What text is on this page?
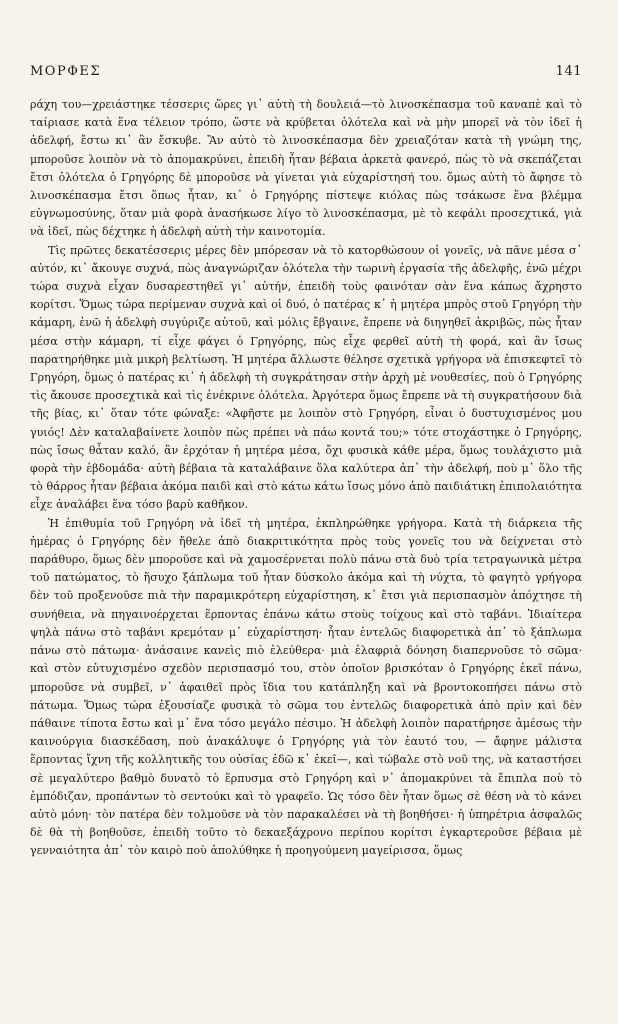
ΜΟΡΦΕΣ	141

ράχη του—χρειάστηκε τέσσερις ὥρες γι᾽ αὐτὴ τὴ δουλειά—τὸ λινοσκέπασμα τοῦ καναπὲ καὶ τὸ ταίριασε κατὰ ἕνα τέλειον τρόπο, ὥστε νὰ κρύβεται ὁλότελα καὶ νὰ μὴν μπορεῖ νὰ τὸν ἰδεῖ ἡ ἀδελφή, ἔστω κι᾽ ἂν ἔσκυβε. Ἂν αὐτὸ τὸ λινοσκέπασμα δὲν χρειαζόταν κατὰ τὴ γνώμη της, μποροῦσε λοιπὸν νὰ τὸ ἀπομακρύνει, ἐπειδὴ ἦταν βέβαια ἀρκετὰ φανερό, πὼς τὸ νὰ σκεπάζεται ἔτσι ὁλότελα ὁ Γρηγόρης δὲ μποροῦσε νὰ γίνεται γιὰ εὐχαρίστησή του. ὅμως αὐτὴ τὸ ἄφησε τὸ λινοσκέπασμα ἔτσι ὅπως ἦταν, κι᾽ ὁ Γρηγόρης πίστεψε κιόλας πὼς τσάκωσε ἕνα βλέμμα εὐγνωμοσύνης, ὅταν μιὰ φορὰ ἀνασήκωσε λίγο τὸ λινοσκέπασμα, μὲ τὸ κεφάλι προσεχτικά, γιὰ νὰ ἰδεῖ, πὼς δέχτηκε ἡ ἀδελφὴ αὐτὴ τὴν καινοτομία.

Τὶς πρῶτες δεκατέσσερις μέρες δὲν μπόρεσαν νὰ τὸ κατορθώσουν οἱ γονεῖς, νὰ πᾶνε μέσα σ᾽ αὐτόν, κι᾽ ἄκουγε συχνά, πὼς ἀναγνώριζαν ὁλότελα τὴν τωρινὴ ἐργασία τῆς ἀδελφῆς, ἐνῶ μέχρι τώρα συχνὰ εἶχαν δυσαρεστηθεῖ γι᾽ αὐτήν, ἐπειδὴ τοὺς φαινόταν σὰν ἕνα κάπως ἄχρηστο κορίτσι. Ὅμως τώρα περίμεναν συχνὰ καὶ οἱ δυό, ὁ πατέρας κ᾽ ἡ μητέρα μπρὸς στοῦ Γρηγόρη τὴν κάμαρη, ἐνῶ ἡ ἀδελφὴ συγύριζε αὐτοῦ, καὶ μόλις ἔβγαινε, ἔπρεπε νὰ διηγηθεῖ ἀκριβῶς, πὼς ἦταν μέσα στὴν κάμαρη, τί εἶχε φάγει ὁ Γρηγόρης, πὼς εἶχε φερθεῖ αὐτὴ τὴ φορά, καὶ ἂν ἴσως παρατηρήθηκε μιὰ μικρὴ βελτίωση. Ἡ μητέρα ἄλλωστε θέλησε σχετικὰ γρήγορα νὰ ἐπισκεφτεῖ τὸ Γρηγόρη, ὅμως ὁ πατέρας κι᾽ ἡ ἀδελφὴ τὴ συγκράτησαν στὴν ἀρχὴ μὲ νουθεσίες, ποὺ ὁ Γρηγόρης τὶς ἄκουσε προσεχτικὰ καὶ τὶς ἐνέκρινε ὁλότελα. Ἀργότερα ὅμως ἔπρεπε νὰ τὴ συγκρατήσουν διὰ τῆς βίας, κι᾽ ὅταν τότε φώναξε: «Ἀφῆστε με λοιπὸν στὸ Γρηγόρη, εἶναι ὁ δυστυχισμένος μου γυιός! Δὲν καταλαβαίνετε λοιπὸν πὼς πρέπει νὰ πάω κοντά του;» τότε στοχάστηκε ὁ Γρηγόρης, πὼς ἴσως θἆταν καλό, ἂν ἐρχόταν ἡ μητέρα μέσα, ὄχι φυσικὰ κάθε μέρα, ὅμως τουλάχιστο μιὰ φορὰ τὴν ἑβδομάδα· αὐτὴ βέβαια τὰ καταλάβαινε ὅλα καλύτερα ἀπ᾽ τὴν ἀδελφή, ποὺ μ᾽ ὅλο τῆς τὸ θάρρος ἦταν βέβαια ἀκόμα παιδὶ καὶ στὸ κάτω κάτω ἴσως μόνο ἀπὸ παιδιάτικη ἐπιπολαιότητα εἶχε ἀναλάβει ἕνα τόσο βαρὺ καθῆκον.

Ἡ ἐπιθυμία τοῦ Γρηγόρη νὰ ἰδεῖ τὴ μητέρα, ἐκπληρώθηκε γρήγορα. Κατὰ τὴ διάρκεια τῆς ἡμέρας ὁ Γρηγόρης δὲν ἤθελε ἀπὸ διακριτικότητα πρὸς τοὺς γονεῖς του νὰ δείχνεται στὸ παράθυρο, ὅμως δὲν μποροῦσε καὶ νὰ χαμοσέρνεται πολὺ πάνω στὰ δυὸ τρία τετραγωνικὰ μέτρα τοῦ πατώματος, τὸ ἥσυχο ξάπλωμα τοῦ ἦταν δύσκολο ἀκόμα καὶ τὴ νύχτα, τὸ φαγητὸ γρήγορα δὲν τοῦ προξενοῦσε πιὰ τὴν παραμικρότερη εὐχαρίστηση, κ᾽ ἔτσι γιὰ περισπασμὸν ἀπόχτησε τὴ συνήθεια, νὰ πηγαινοέρχεται ἕρποντας ἐπάνω κάτω στοὺς τοίχους καὶ στὸ ταβάνι. Ἰδιαίτερα ψηλὰ πάνω στὸ ταβάνι κρεμόταν μ᾽ εὐχαρίστηση· ἦταν ἐντελῶς διαφορετικὰ ἀπ᾽ τὸ ξάπλωμα πάνω στὸ πάτωμα· ἀνάσαινε κανεὶς πιὸ ἐλεύθερα· μιὰ ἐλαφριὰ δόνηση διαπερνοῦσε τὸ σῶμα· καὶ στὸν εὐτυχισμένο σχεδὸν περισπασμό του, στὸν ὁποῖον βρισκόταν ὁ Γρηγόρης ἐκεῖ πάνω, μποροῦσε νὰ συμβεῖ, ν᾽ ἀφαιθεῖ πρὸς ἴδια του κατάπληξη καὶ νὰ βροντοκοπήσει πάνω στὸ πάτωμα. Ὅμως τώρα ἐξουσίαζε φυσικὰ τὸ σῶμα του ἐντελῶς διαφορετικὰ ἀπὸ πρὶν καὶ δὲν πάθαινε τίποτα ἔστω καὶ μ᾽ ἕνα τόσο μεγάλο πέσιμο. Ἡ ἀδελφὴ λοιπὸν παρατήρησε ἀμέσως τὴν καινούργια διασκέδαση, ποὺ ἀνακάλυψε ὁ Γρηγόρης γιὰ τὸν ἑαυτό του, — ἄφηνε μάλιστα ἕρποντας ἴχνη τῆς κολλητικῆς του οὐσίας ἐδῶ κ᾽ ἐκεῖ—, καὶ τώβαλε στὸ νοῦ της, νὰ καταστήσει σὲ μεγαλύτερο βαθμὸ δυνατὸ τὸ ἕρπυσμα στὸ Γρηγόρη καὶ ν᾽ ἀπομακρύνει τὰ ἔπιπλα ποὺ τὸ ἐμπόδιζαν, προπάντων τὸ σεντούκι καὶ τὸ γραφεῖο. Ὡς τόσο δὲν ἦταν ὅμως σὲ θέση νὰ τὸ κάνει αὐτὸ μόνη· τὸν πατέρα δὲν τολμοῦσε νὰ τὸν παρακαλέσει νὰ τὴ βοηθήσει· ἡ ὑπηρέτρια ἀσφαλῶς δὲ θὰ τὴ βοηθοῦσε, ἐπειδὴ τοῦτο τὸ δεκαεξάχρονο περίπου κορίτσι ἐγκαρτεροῦσε βέβαια μὲ γενναιότητα ἀπ᾽ τὸν καιρὸ ποὺ ἀπολύθηκε ἡ προηγούμενη μαγείρισσα, ὅμως
